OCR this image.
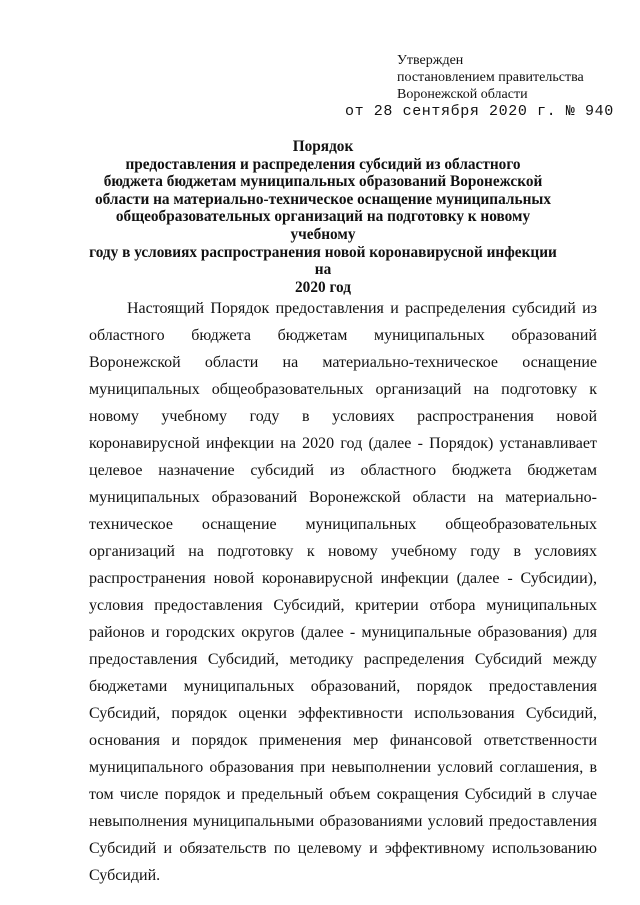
Утвержден
постановлением правительства
Воронежской области
от 28 сентября 2020 г. № 940
Порядок
предоставления и распределения субсидий из областного
бюджета бюджетам муниципальных образований Воронежской
области на материально-техническое оснащение муниципальных
общеобразовательных организаций на подготовку к новому учебному
году в условиях распространения новой коронавирусной инфекции на
2020 год

Настоящий Порядок предоставления и распределения субсидий из областного бюджета бюджетам муниципальных образований Воронежской области на материально-техническое оснащение муниципальных общеобразовательных организаций на подготовку к новому учебному году в условиях распространения новой коронавирусной инфекции на 2020 год (далее - Порядок) устанавливает целевое назначение субсидий из областного бюджета бюджетам муниципальных образований Воронежской области на материально-техническое оснащение муниципальных общеобразовательных организаций на подготовку к новому учебному году в условиях распространения новой коронавирусной инфекции (далее - Субсидии), условия предоставления Субсидий, критерии отбора муниципальных районов и городских округов (далее - муниципальные образования) для предоставления Субсидий, методику распределения Субсидий между бюджетами муниципальных образований, порядок предоставления Субсидий, порядок оценки эффективности использования Субсидий, основания и порядок применения мер финансовой ответственности муниципального образования при невыполнении условий соглашения, в том числе порядок и предельный объем сокращения Субсидий в случае невыполнения муниципальными образованиями условий предоставления Субсидий и обязательств по целевому и эффективному использованию Субсидий.
